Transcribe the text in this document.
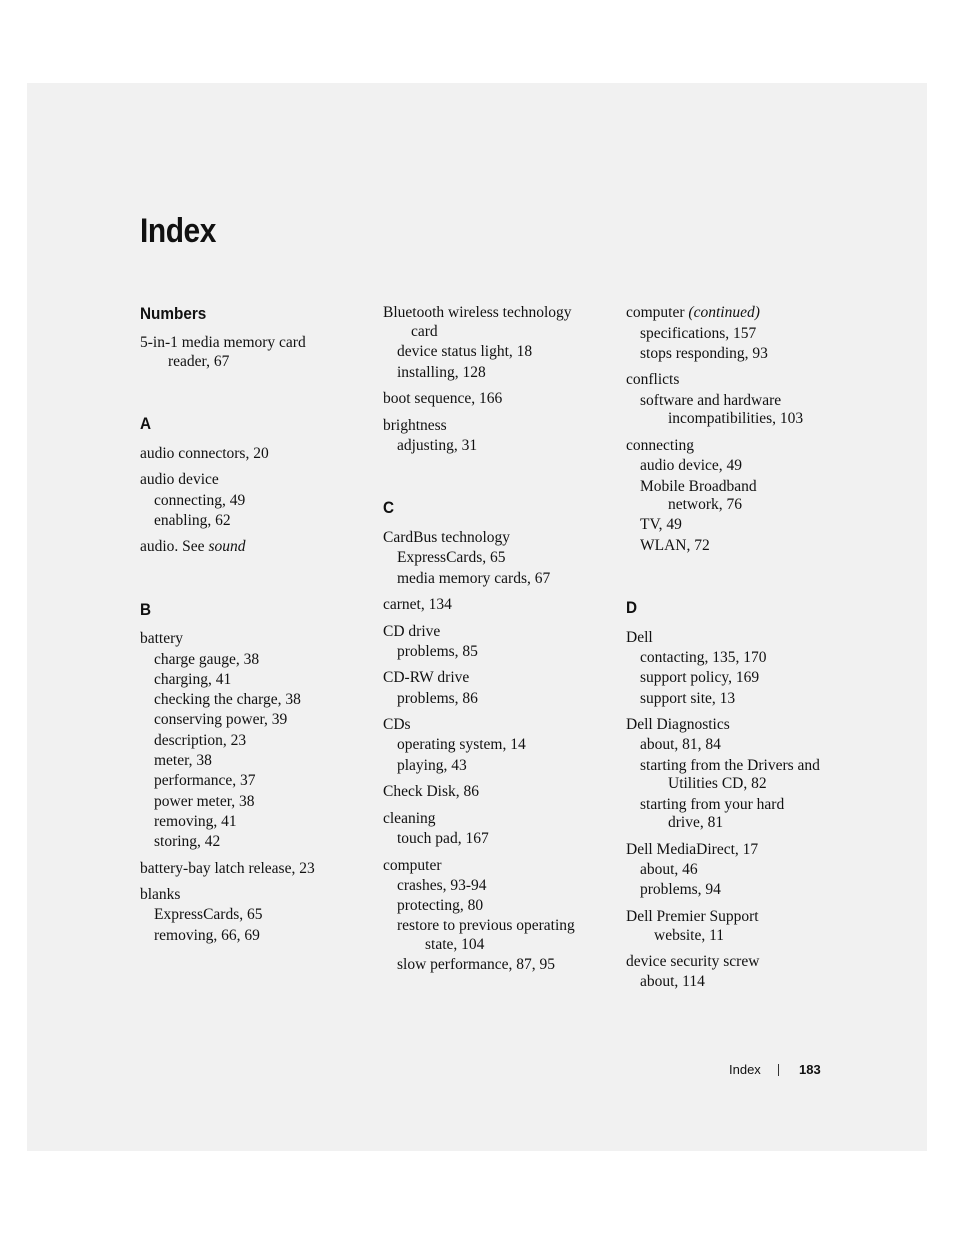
Index
Numbers
5-in-1 media memory card
reader, 67
A
audio connectors, 20
audio device
connecting, 49
enabling, 62
audio. See sound
B
battery
charge gauge, 38
charging, 41
checking the charge, 38
conserving power, 39
description, 23
meter, 38
performance, 37
power meter, 38
removing, 41
storing, 42
battery-bay latch release, 23
blanks
ExpressCards, 65
removing, 66, 69
Bluetooth wireless technology
card
device status light, 18
installing, 128
boot sequence, 166
brightness
adjusting, 31
C
CardBus technology
ExpressCards, 65
media memory cards, 67
carnet, 134
CD drive
problems, 85
CD-RW drive
problems, 86
CDs
operating system, 14
playing, 43
Check Disk, 86
cleaning
touch pad, 167
computer
crashes, 93-94
protecting, 80
restore to previous operating
state, 104
slow performance, 87, 95
computer (continued)
specifications, 157
stops responding, 93
conflicts
software and hardware
incompatibilities, 103
connecting
audio device, 49
Mobile Broadband
network, 76
TV, 49
WLAN, 72
D
Dell
contacting, 135, 170
support policy, 169
support site, 13
Dell Diagnostics
about, 81, 84
starting from the Drivers and
Utilities CD, 82
starting from your hard
drive, 81
Dell MediaDirect, 17
about, 46
problems, 94
Dell Premier Support
website, 11
device security screw
about, 114
Index	183
